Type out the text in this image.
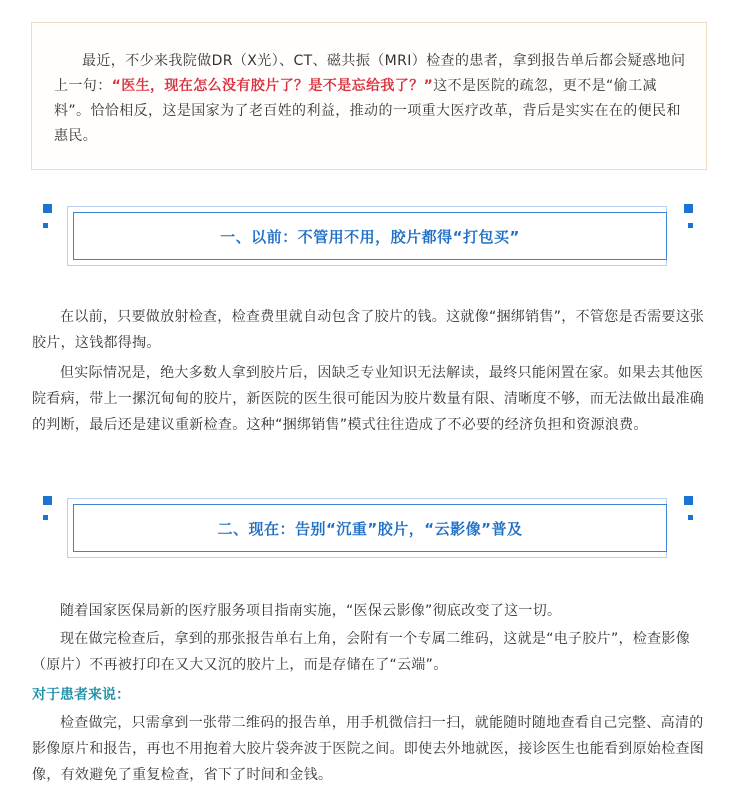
最近，不少来我院做DR（X光）、CT、磁共振（MRI）检查的患者，拿到报告单后都会疑惑地问上一句：“医生，现在怎么没有胶片了？是不是忘给我了？”这不是医院的疏忽，更不是“偷工减料”。恰恰相反，这是国家为了老百姓的利益，推动的一项重大医疗改革，背后是实实在在的便民和惠民。

一、以前：不管用不用，胶片都得“打包买”

在以前，只要做放射检查，检查费里就自动包含了胶片的钱。这就像“捆绑销售”，不管您是否需要这张胶片，这钱都得掏。

但实际情况是，绝大多数人拿到胶片后，因缺乏专业知识无法解读，最终只能闲置在家。如果去其他医院看病，带上一摞沉甸甸的胶片，新医院的医生很可能因为胶片数量有限、清晰度不够，而无法做出最准确的判断，最后还是建议重新检查。这种“捆绑销售”模式往往造成了不必要的经济负担和资源浪费。

二、现在：告别“沉重”胶片，“云影像”普及

随着国家医保局新的医疗服务项目指南实施，“医保云影像”彻底改变了这一切。

现在做完检查后，拿到的那张报告单右上角，会附有一个专属二维码，这就是“电子胶片”，检查影像（原片）不再被打印在又大又沉的胶片上，而是存储在了“云端”。

对于患者来说：

检查做完，只需拿到一张带二维码的报告单，用手机微信扫一扫，就能随时随地查看自己完整、高清的影像原片和报告，再也不用抱着大胶片袋奔波于医院之间。即使去外地就医，接诊医生也能看到原始检查图像，有效避免了重复检查，省下了时间和金钱。
